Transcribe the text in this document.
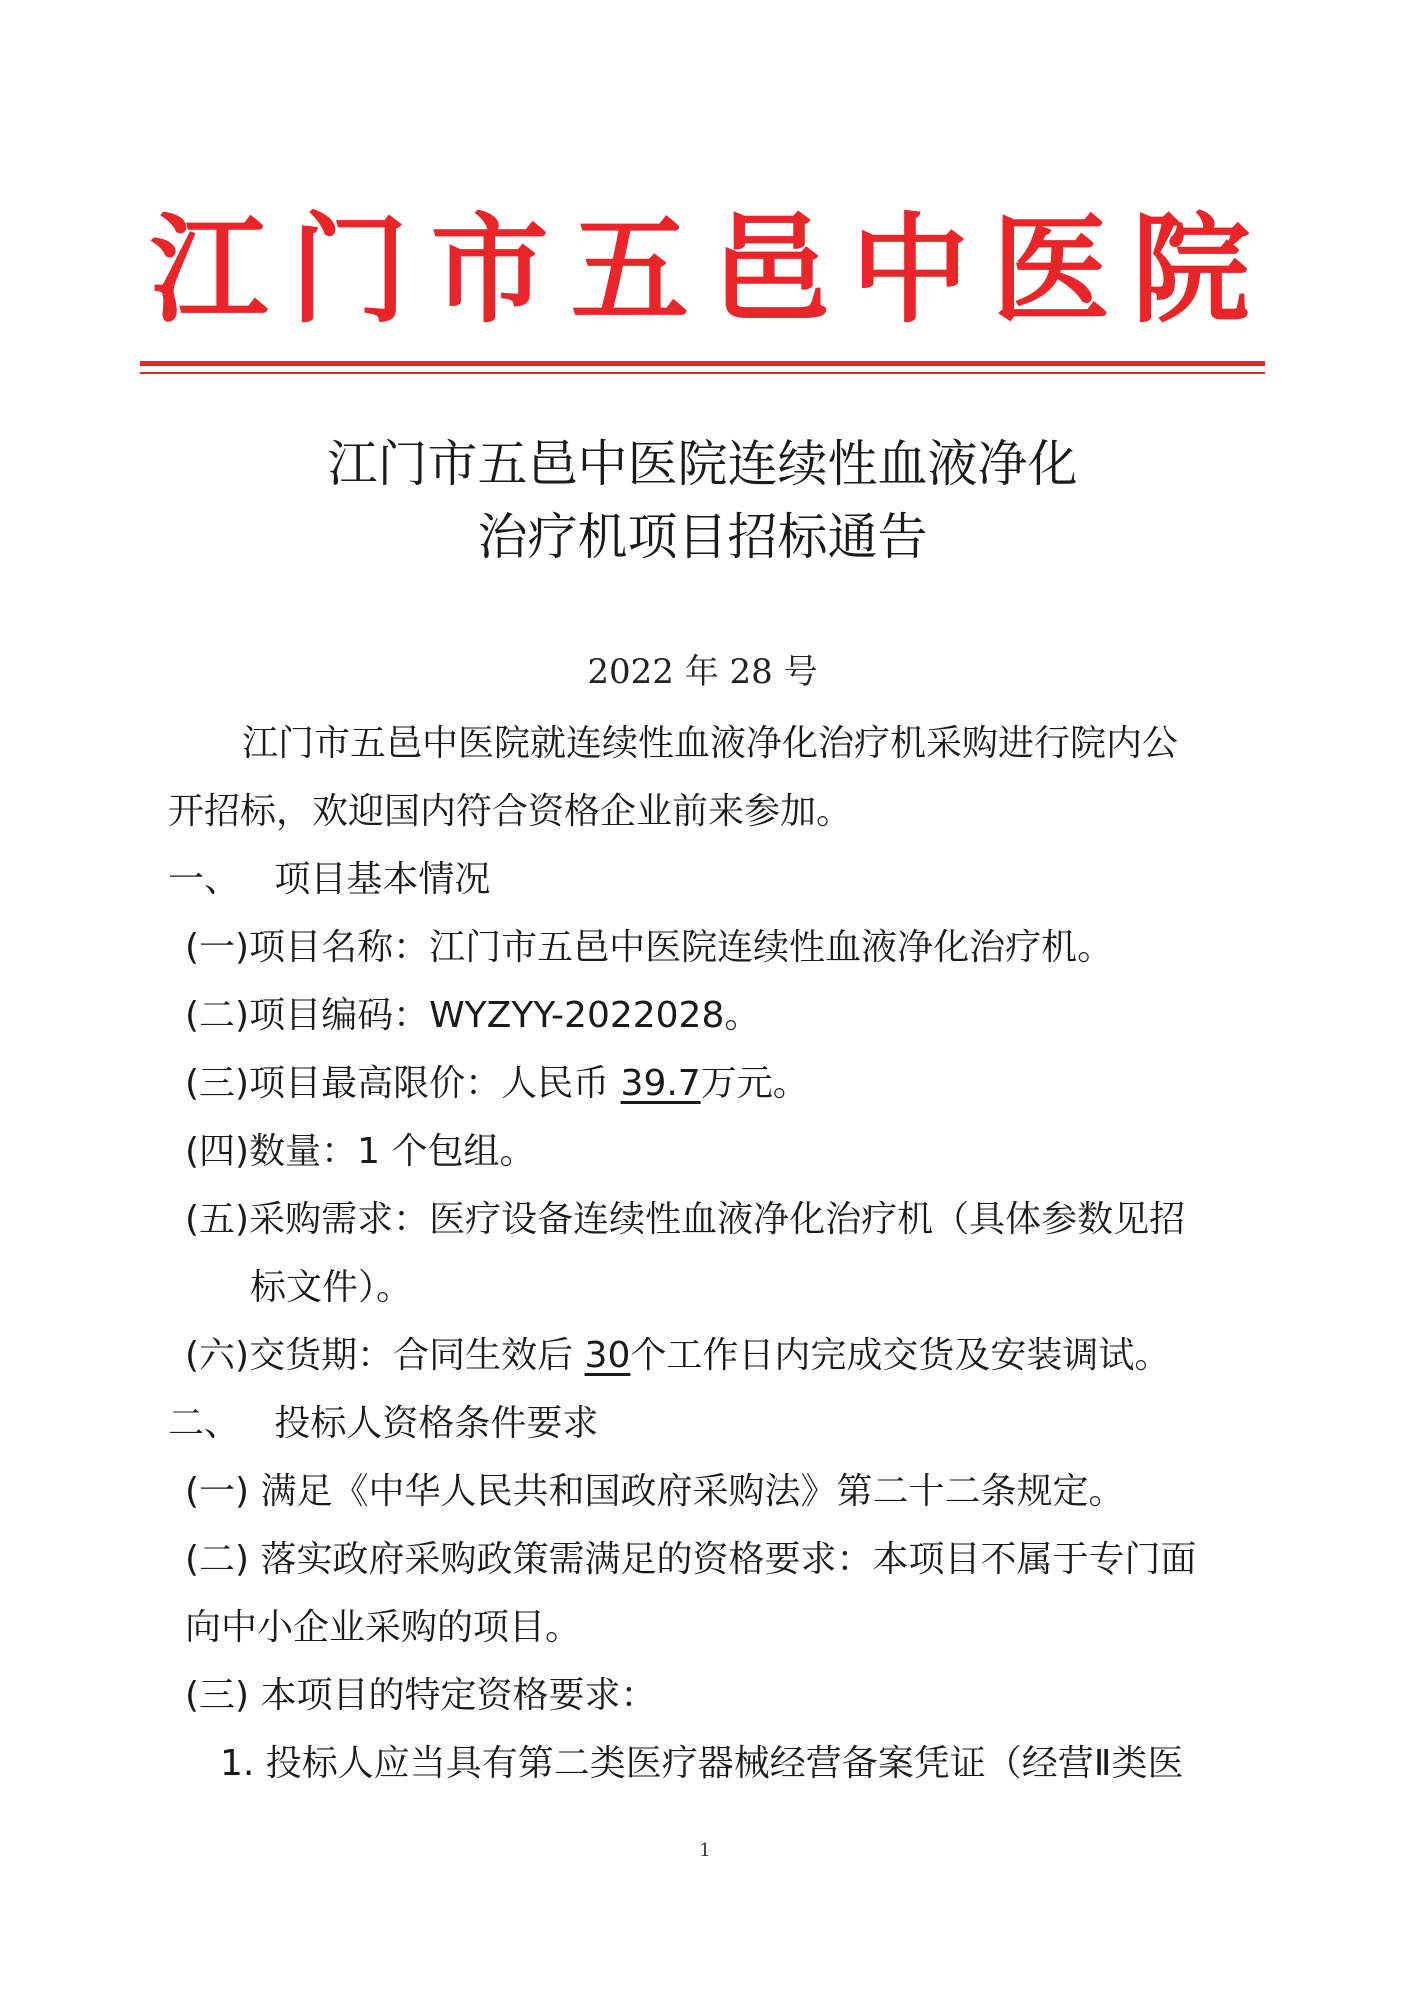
江 门 市 五 邑 中 医 院
江门市五邑中医院连续性血液净化
治疗机项目招标通告
2022 年 28 号
江门市五邑中医院就连续性血液净化治疗机采购进行院内公
开招标，欢迎国内符合资格企业前来参加。
一、   项目基本情况
(一)项目名称：江门市五邑中医院连续性血液净化治疗机。
(二)项目编码：WYZYY-2022028。
(三)项目最高限价：人民币 39.7万元。
(四)数量：1 个包组。
(五)采购需求：医疗设备连续性血液净化治疗机（具体参数见招
标文件）。
(六)交货期：合同生效后 30个工作日内完成交货及安装调试。
二、   投标人资格条件要求
(一) 满足《中华人民共和国政府采购法》第二十二条规定。
(二) 落实政府采购政策需满足的资格要求：本项目不属于专门面
向中小企业采购的项目。
(三) 本项目的特定资格要求：
1. 投标人应当具有第二类医疗器械经营备案凭证（经营Ⅱ类医
1
